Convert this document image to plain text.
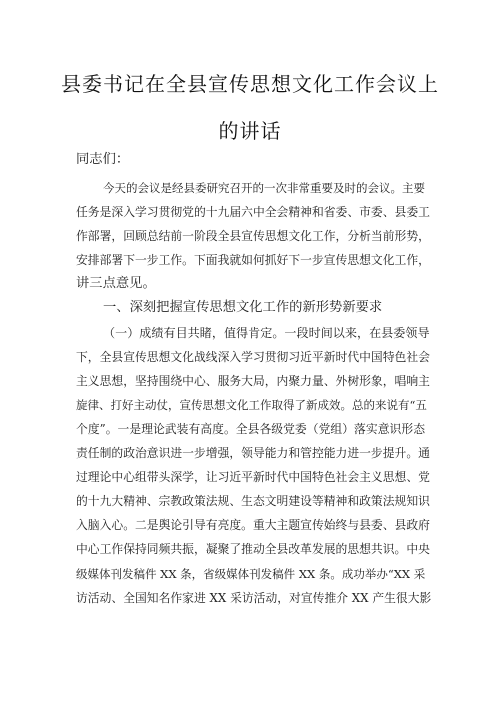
县委书记在全县宣传思想文化工作会议上
的讲话
同志们：
今天的会议是经县委研究召开的一次非常重要及时的会议。主要
任务是深入学习贯彻党的十九届六中全会精神和省委、市委、县委工
作部署，回顾总结前一阶段全县宣传思想文化工作，分析当前形势，
安排部署下一步工作。下面我就如何抓好下一步宣传思想文化工作，
讲三点意见。
一、深刻把握宣传思想文化工作的新形势新要求
（一）成绩有目共睹，值得肯定。一段时间以来，在县委领导
下，全县宣传思想文化战线深入学习贯彻习近平新时代中国特色社会
主义思想，坚持围绕中心、服务大局，内聚力量、外树形象，唱响主
旋律、打好主动仗，宣传思想文化工作取得了新成效。总的来说有“五
个度”。一是理论武装有高度。全县各级党委（党组）落实意识形态
责任制的政治意识进一步增强，领导能力和管控能力进一步提升。通
过理论中心组带头深学，让习近平新时代中国特色社会主义思想、党
的十九大精神、宗教政策法规、生态文明建设等精神和政策法规知识
入脑入心。二是舆论引导有亮度。重大主题宣传始终与县委、县政府
中心工作保持同频共振，凝聚了推动全县改革发展的思想共识。中央
级媒体刊发稿件 XX 条，省级媒体刊发稿件 XX 条。成功举办“XX 采
访活动、全国知名作家进 XX 采访活动，对宣传推介 XX 产生很大影
